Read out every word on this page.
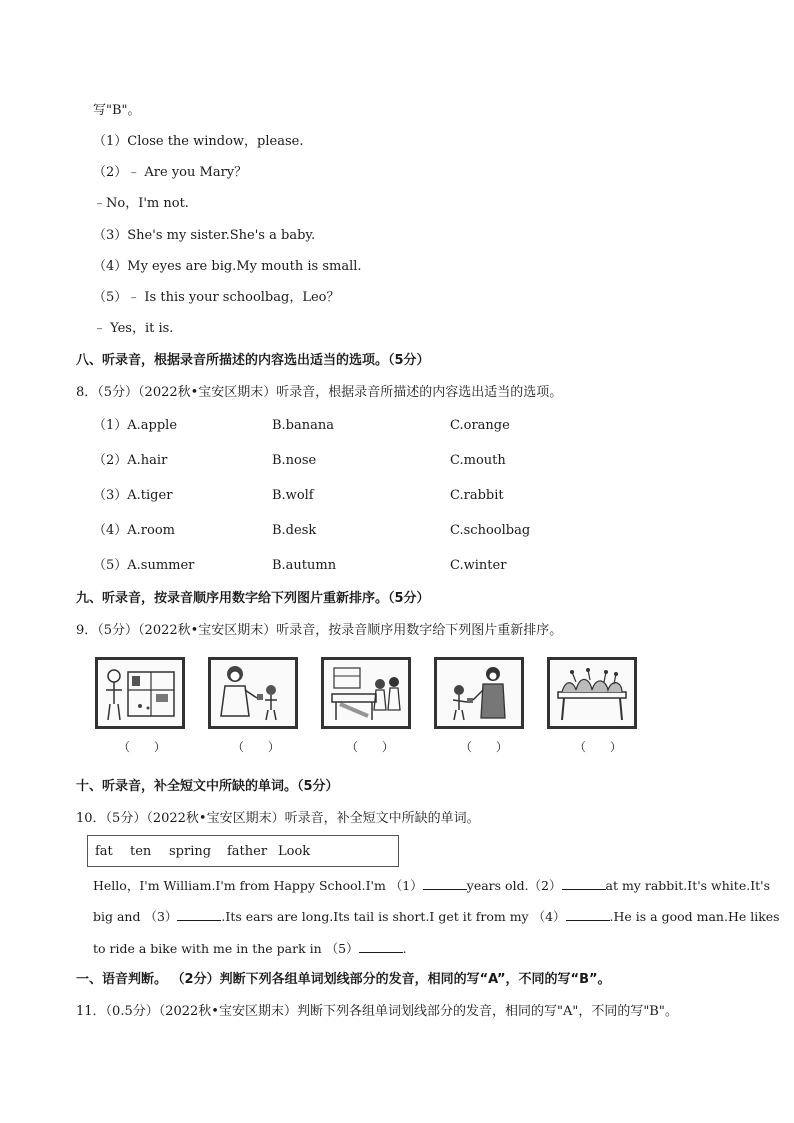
写"B"。
（1）Close the window，please.
（2）﹣ Are you Mary？
﹣No，I'm not.
（3）She's my sister.She's a baby.
（4）My eyes are big.My mouth is small.
（5）﹣ Is this your schoolbag，Leo？
﹣ Yes，it is.
八、听录音，根据录音所描述的内容选出适当的选项。（5分）
8．（5分）（2022秋•宝安区期末）听录音，根据录音所描述的内容选出适当的选项。
（1）A.apple	B.banana	C.orange
（2）A.hair	B.nose	C.mouth
（3）A.tiger	B.wolf	C.rabbit
（4）A.room	B.desk	C.schoolbag
（5）A.summer	B.autumn	C.winter
九、听录音，按录音顺序用数字给下列图片重新排序。（5分）
9．（5分）（2022秋•宝安区期末）听录音，按录音顺序用数字给下列图片重新排序。
（ ）	（ ）	（ ）	（ ）	（ ）
十、听录音，补全短文中所缺的单词。（5分）
10．（5分）（2022秋•宝安区期末）听录音，补全短文中所缺的单词。
fat ten spring father Look
Hello，I'm William.I'm from Happy School.I'm （1）	years old.（2）	at my rabbit.It's white.It's
big and （3）	.Its ears are long.Its tail is short.I get it from my （4）	.He is a good man.He likes
to ride a bike with me in the park in （5）	.
一、语音判断。 （2分）判断下列各组单词划线部分的发音，相同的写“A”，不同的写“B”。
11．（0.5分）（2022秋•宝安区期末）判断下列各组单词划线部分的发音，相同的写"A"，不同的写"B"。
